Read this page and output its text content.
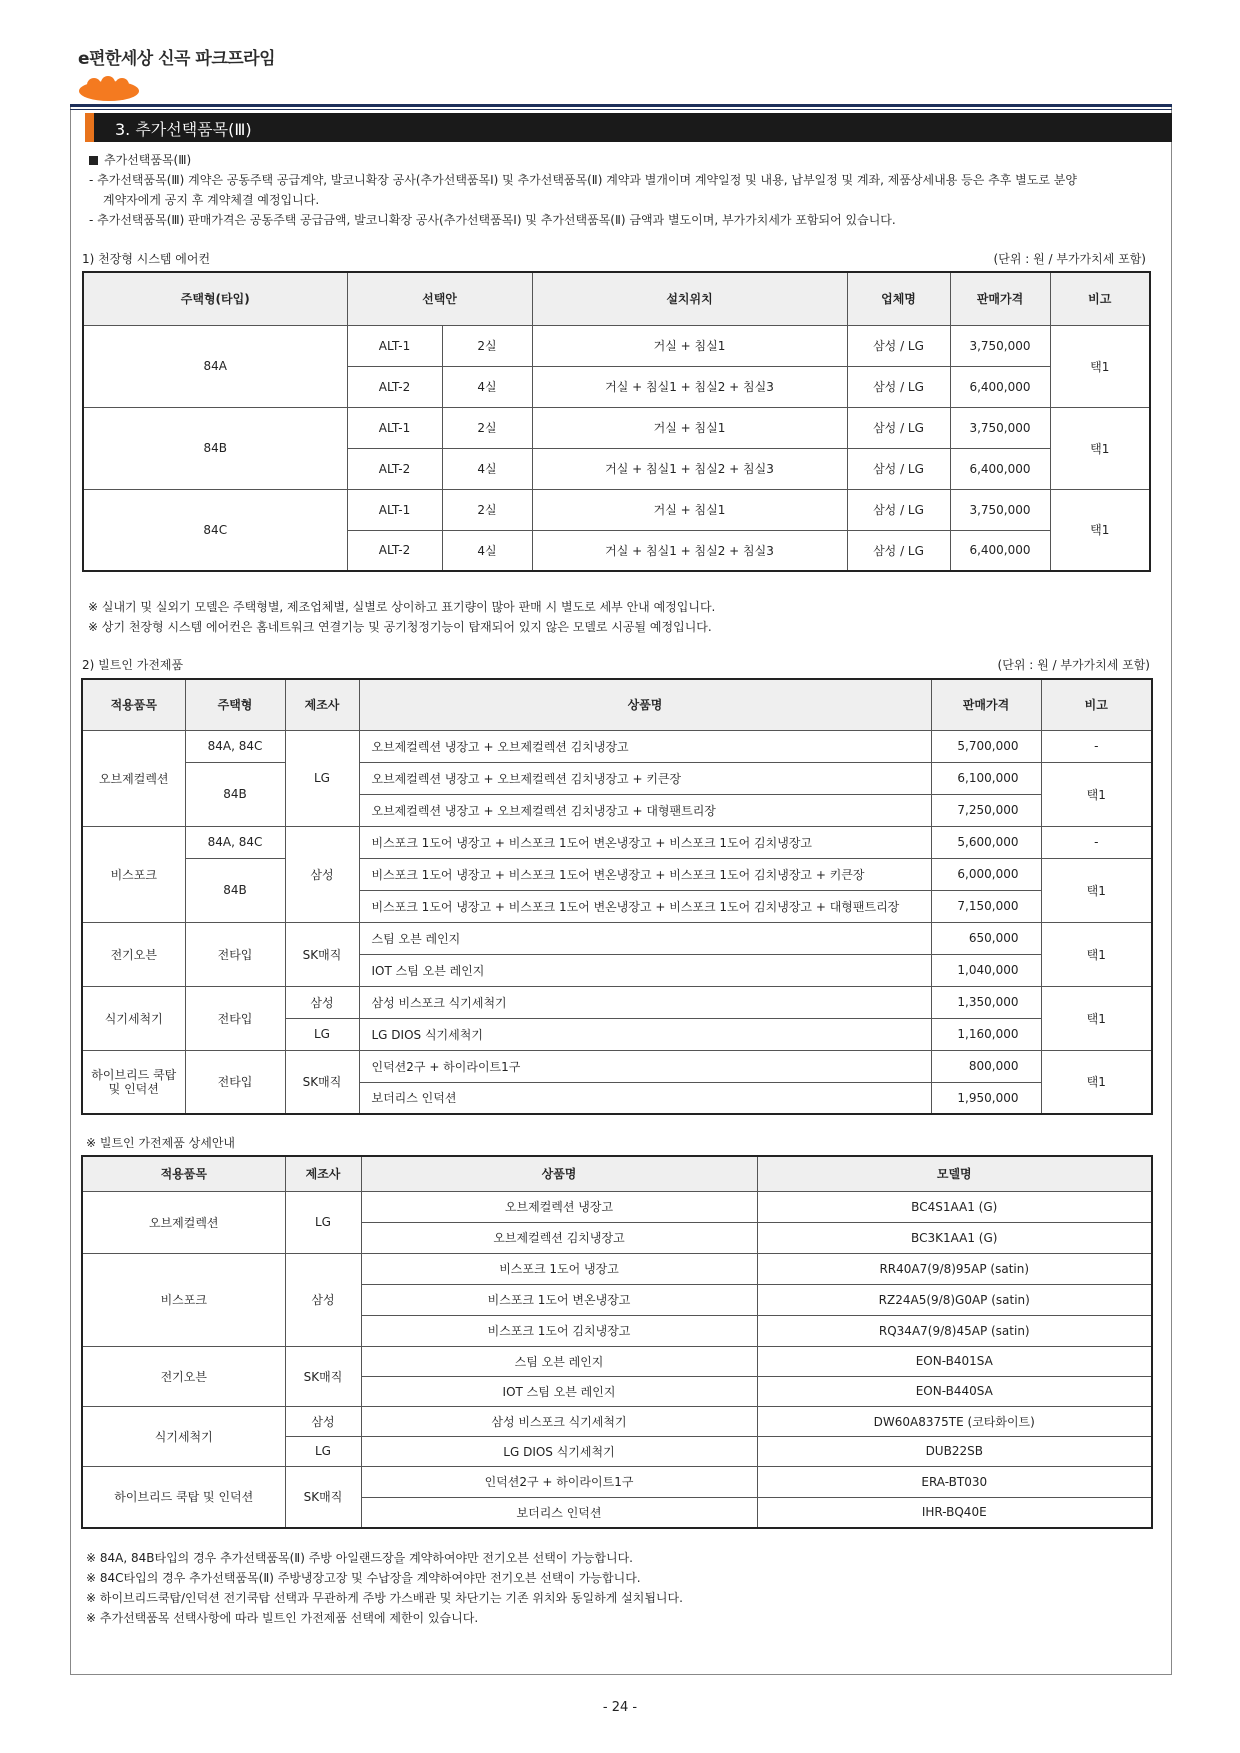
e편한세상 신곡 파크프라임
3. 추가선택품목(Ⅲ)
추가선택품목(Ⅲ)
- 추가선택품목(Ⅲ) 계약은 공동주택 공급계약, 발코니확장 공사(추가선택품목Ⅰ) 및 추가선택품목(Ⅱ) 계약과 별개이며 계약일정 및 내용, 납부일정 및 계좌, 제품상세내용 등은 추후 별도로 분양
계약자에게 공지 후 계약체결 예정입니다.
- 추가선택품목(Ⅲ) 판매가격은 공동주택 공급금액, 발코니확장 공사(추가선택품목Ⅰ) 및 추가선택품목(Ⅱ) 금액과 별도이며, 부가가치세가 포함되어 있습니다.
1) 천장형 시스템 에어컨	(단위 : 원 / 부가가치세 포함)
주택형(타입)	선택안		설치위치	업체명	판매가격	비고
84A	ALT-1	2실	거실 + 침실1	삼성 / LG	3,750,000	택1
	ALT-2	4실	거실 + 침실1 + 침실2 + 침실3	삼성 / LG	6,400,000	
84B	ALT-1	2실	거실 + 침실1	삼성 / LG	3,750,000	택1
	ALT-2	4실	거실 + 침실1 + 침실2 + 침실3	삼성 / LG	6,400,000	
84C	ALT-1	2실	거실 + 침실1	삼성 / LG	3,750,000	택1
	ALT-2	4실	거실 + 침실1 + 침실2 + 침실3	삼성 / LG	6,400,000	
※ 실내기 및 실외기 모델은 주택형별, 제조업체별, 실별로 상이하고 표기량이 많아 판매 시 별도로 세부 안내 예정입니다.
※ 상기 천장형 시스템 에어컨은 홈네트워크 연결기능 및 공기청정기능이 탑재되어 있지 않은 모델로 시공될 예정입니다.
2) 빌트인 가전제품	(단위 : 원 / 부가가치세 포함)
적용품목	주택형	제조사	상품명	판매가격	비고
오브제컬렉션	84A, 84C	LG	오브제컬렉션 냉장고 + 오브제컬렉션 김치냉장고	5,700,000	-
	84B		오브제컬렉션 냉장고 + 오브제컬렉션 김치냉장고 + 키큰장	6,100,000	택1
			오브제컬렉션 냉장고 + 오브제컬렉션 김치냉장고 + 대형팬트리장	7,250,000	
비스포크	84A, 84C	삼성	비스포크 1도어 냉장고 + 비스포크 1도어 변온냉장고 + 비스포크 1도어 김치냉장고	5,600,000	-
	84B		비스포크 1도어 냉장고 + 비스포크 1도어 변온냉장고 + 비스포크 1도어 김치냉장고 + 키큰장	6,000,000	택1
			비스포크 1도어 냉장고 + 비스포크 1도어 변온냉장고 + 비스포크 1도어 김치냉장고 + 대형팬트리장	7,150,000	
전기오븐	전타입	SK매직	스팀 오븐 레인지	650,000	택1
			IOT 스팀 오븐 레인지	1,040,000	
식기세척기	전타입	삼성	삼성 비스포크 식기세척기	1,350,000	택1
		LG	LG DIOS 식기세척기	1,160,000	
하이브리드 쿡탑 및 인덕션	전타입	SK매직	인덕션2구 + 하이라이트1구	800,000	택1
			보더리스 인덕션	1,950,000	
※ 빌트인 가전제품 상세안내
적용품목	제조사	상품명	모델명
오브제컬렉션	LG	오브제컬렉션 냉장고	BC4S1AA1 (G)
		오브제컬렉션 김치냉장고	BC3K1AA1 (G)
비스포크	삼성	비스포크 1도어 냉장고	RR40A7(9/8)95AP (satin)
		비스포크 1도어 변온냉장고	RZ24A5(9/8)G0AP (satin)
		비스포크 1도어 김치냉장고	RQ34A7(9/8)45AP (satin)
전기오븐	SK매직	스팀 오븐 레인지	EON-B401SA
		IOT 스팀 오븐 레인지	EON-B440SA
식기세척기	삼성	삼성 비스포크 식기세척기	DW60A8375TE (코타화이트)
	LG	LG DIOS 식기세척기	DUB22SB
하이브리드 쿡탑 및 인덕션	SK매직	인덕션2구 + 하이라이트1구	ERA-BT030
		보더리스 인덕션	IHR-BQ40E
※ 84A, 84B타입의 경우 추가선택품목(Ⅱ) 주방 아일랜드장을 계약하여야만 전기오븐 선택이 가능합니다.
※ 84C타입의 경우 추가선택품목(Ⅱ) 주방냉장고장 및 수납장을 계약하여야만 전기오븐 선택이 가능합니다.
※ 하이브리드쿡탑/인덕션 전기쿡탑 선택과 무관하게 주방 가스배관 및 차단기는 기존 위치와 동일하게 설치됩니다.
※ 추가선택품목 선택사항에 따라 빌트인 가전제품 선택에 제한이 있습니다.
- 24 -
